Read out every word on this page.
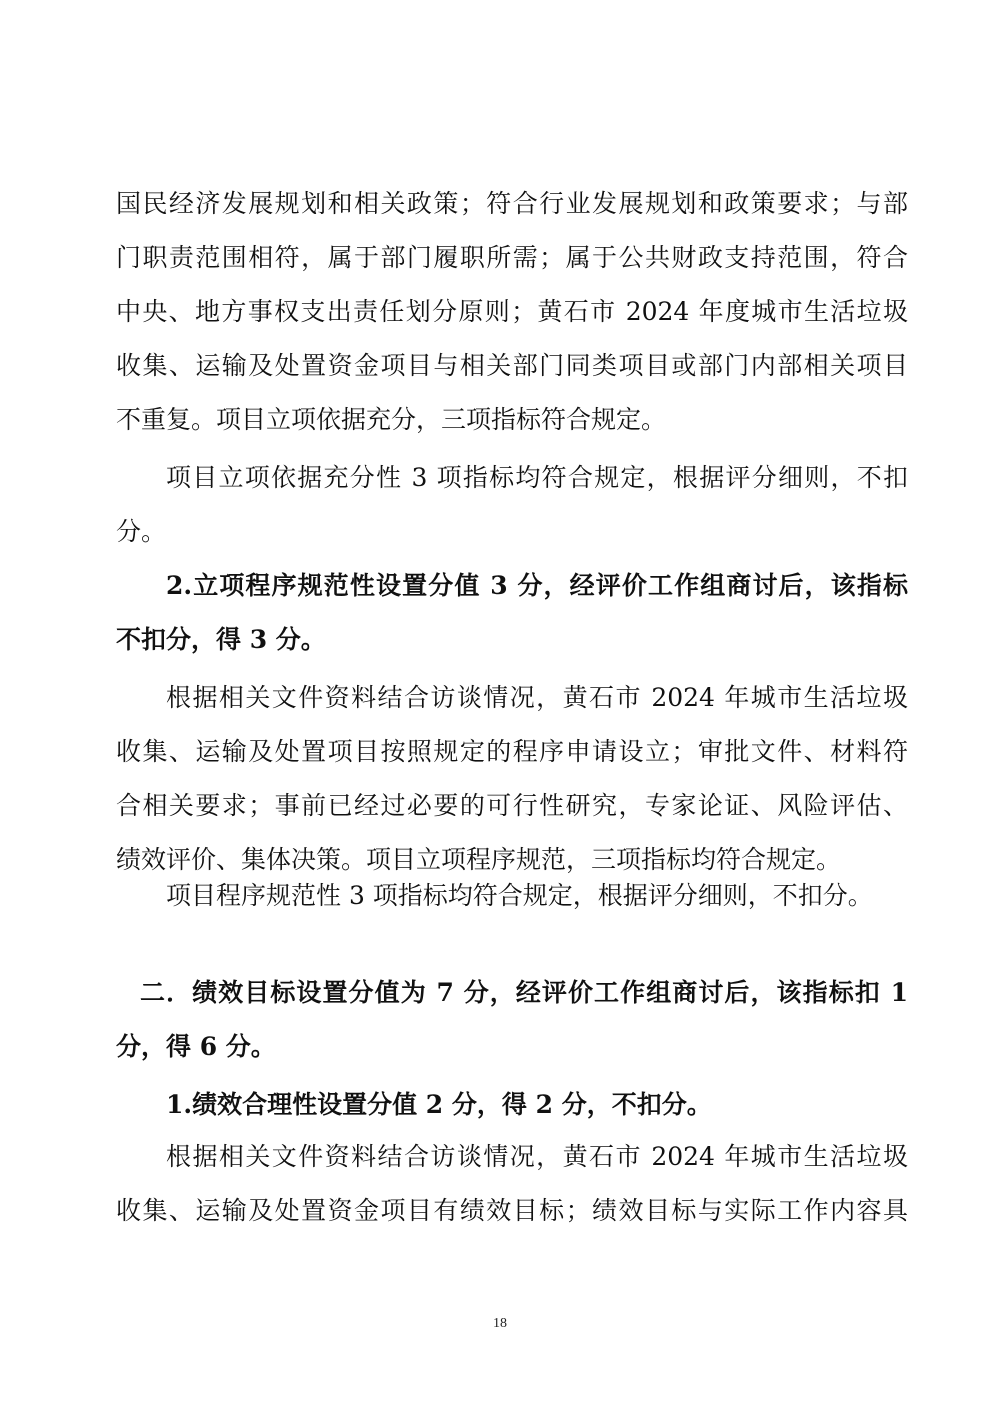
国民经济发展规划和相关政策；符合行业发展规划和政策要求；与部
门职责范围相符，属于部门履职所需；属于公共财政支持范围，符合
中央、地方事权支出责任划分原则；黄石市 2024 年度城市生活垃圾
收集、运输及处置资金项目与相关部门同类项目或部门内部相关项目
不重复。项目立项依据充分，三项指标符合规定。
项目立项依据充分性 3 项指标均符合规定，根据评分细则，不扣
分。
2.立项程序规范性设置分值 3 分，经评价工作组商讨后，该指标
不扣分，得 3 分。
根据相关文件资料结合访谈情况，黄石市 2024 年城市生活垃圾
收集、运输及处置项目按照规定的程序申请设立；审批文件、材料符
合相关要求；事前已经过必要的可行性研究，专家论证、风险评估、
绩效评价、集体决策。项目立项程序规范，三项指标均符合规定。
项目程序规范性 3 项指标均符合规定，根据评分细则，不扣分。
二．绩效目标设置分值为 7 分，经评价工作组商讨后，该指标扣 1
分，得 6 分。
1.绩效合理性设置分值 2 分，得 2 分，不扣分。
根据相关文件资料结合访谈情况，黄石市 2024 年城市生活垃圾
收集、运输及处置资金项目有绩效目标；绩效目标与实际工作内容具
18
